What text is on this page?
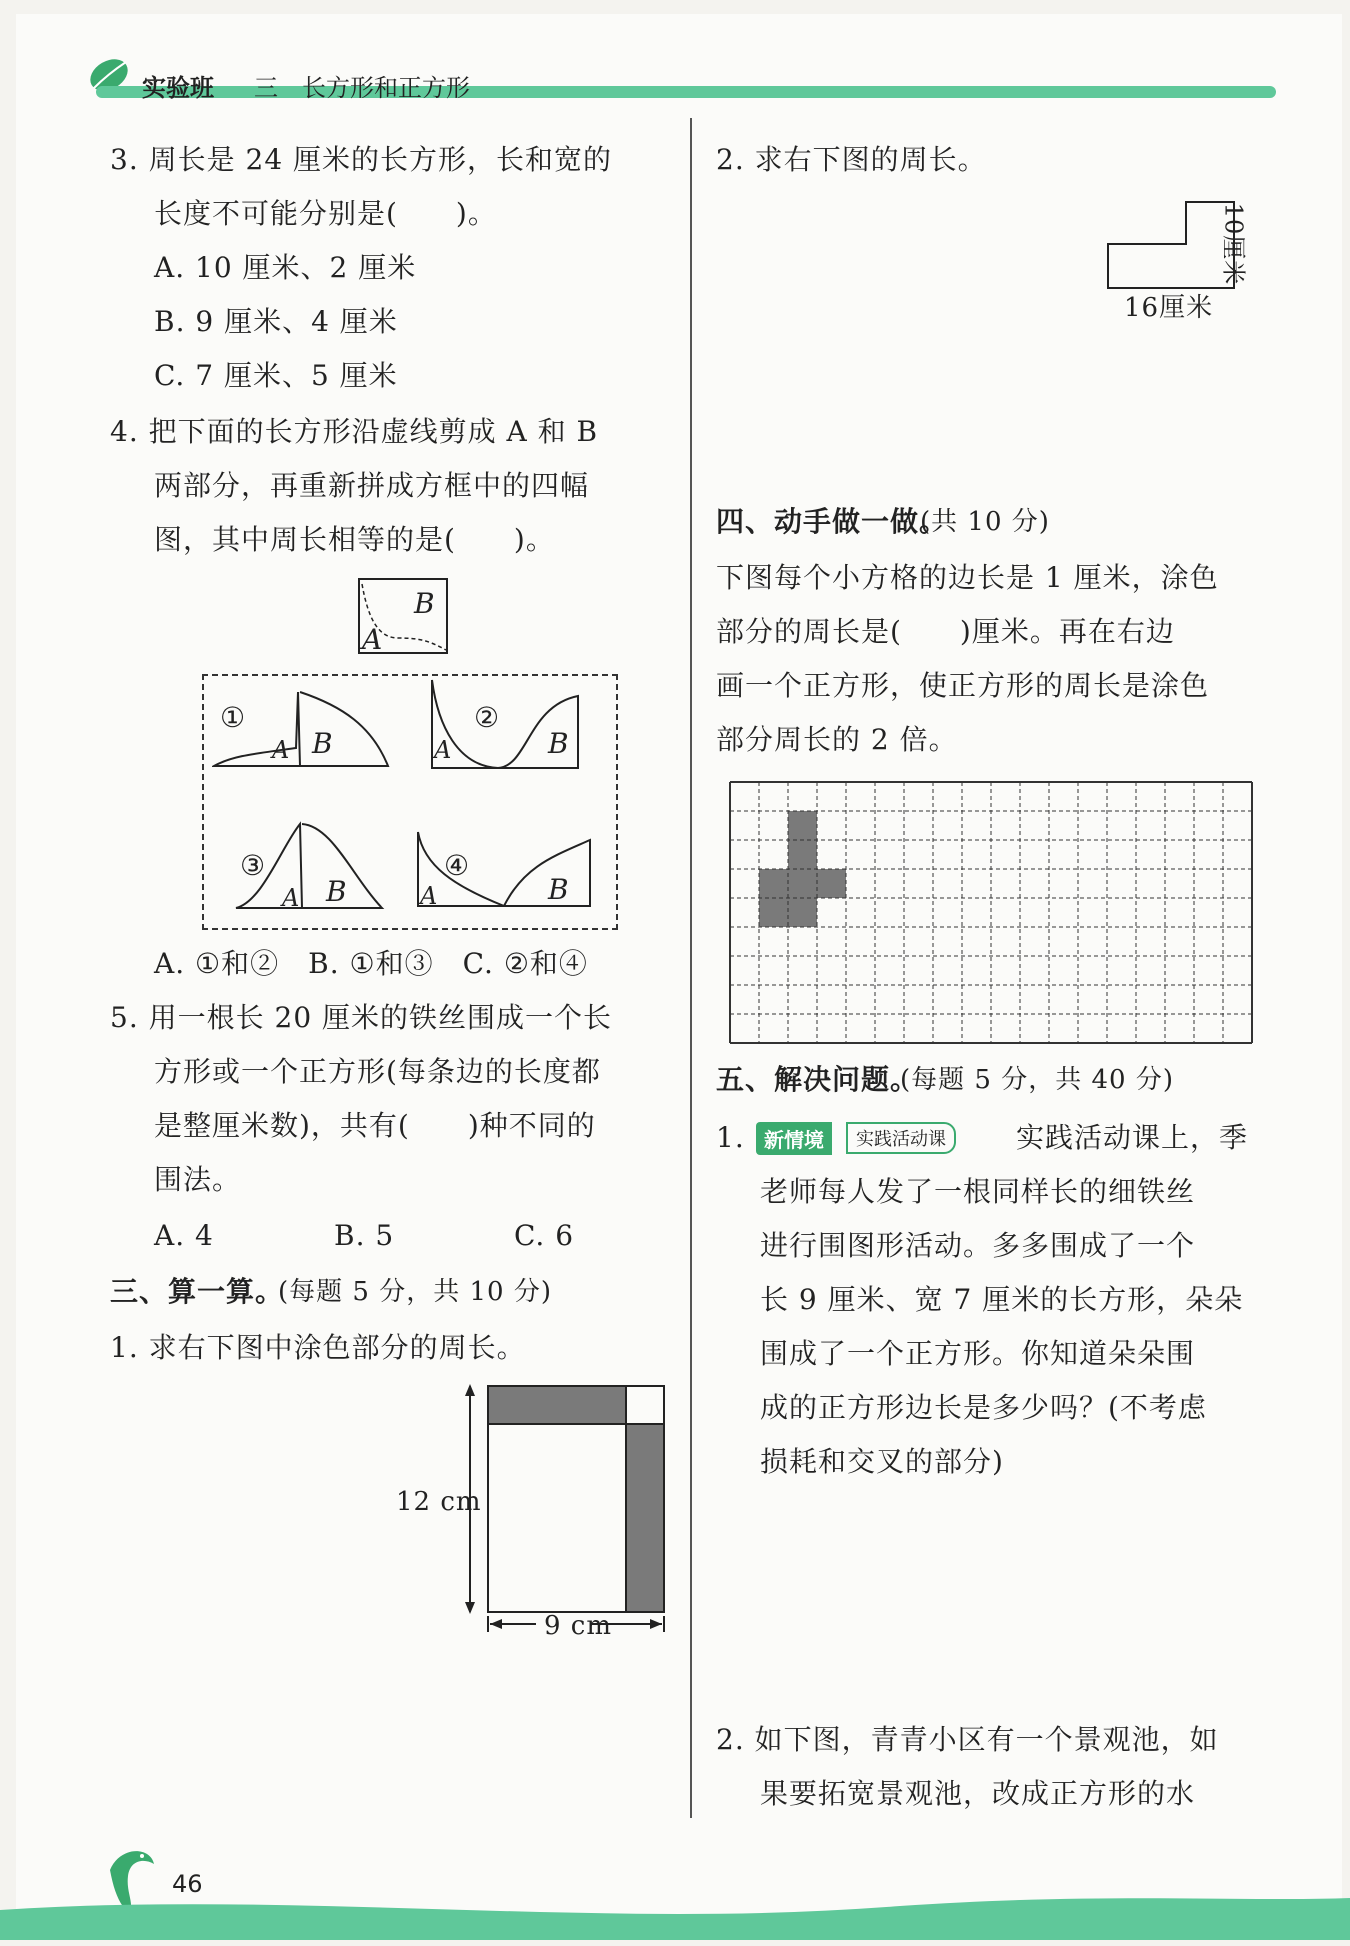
实验班 三　长方形和正方形
3. 周长是 24 厘米的长方形，长和宽的
长度不可能分别是(　　)。
A. 10 厘米、2 厘米
B. 9 厘米、4 厘米
C. 7 厘米、5 厘米
4. 把下面的长方形沿虚线剪成 A 和 B
两部分，再重新拼成方框中的四幅
图，其中周长相等的是(　　)。
B
A
①
A B
②
A	B
③
A B
④
A	B
A. ①和②　B. ①和③　C. ②和④
5. 用一根长 20 厘米的铁丝围成一个长
方形或一个正方形(每条边的长度都
是整厘米数)，共有(　　)种不同的
围法。
A. 4	B. 5	C. 6
三、算一算。
(每题 5 分，共 10 分)
1. 求右下图中涂色部分的周长。
12 cm
9 cm
2. 求右下图的周长。
10厘米
16厘米
四、动手做一做。
(共 10 分)
下图每个小方格的边长是 1 厘米，涂色
部分的周长是(　　)厘米。再在右边
画一个正方形，使正方形的周长是涂色
部分周长的 2 倍。
五、解决问题。
(每题 5 分，共 40 分)
1. 新情境	实践活动课	实践活动课上，季
老师每人发了一根同样长的细铁丝
进行围图形活动。多多围成了一个
长 9 厘米、宽 7 厘米的长方形，朵朵
围成了一个正方形。你知道朵朵围
成的正方形边长是多少吗？(不考虑
损耗和交叉的部分)
2. 如下图，青青小区有一个景观池，如
果要拓宽景观池，改成正方形的水
46
